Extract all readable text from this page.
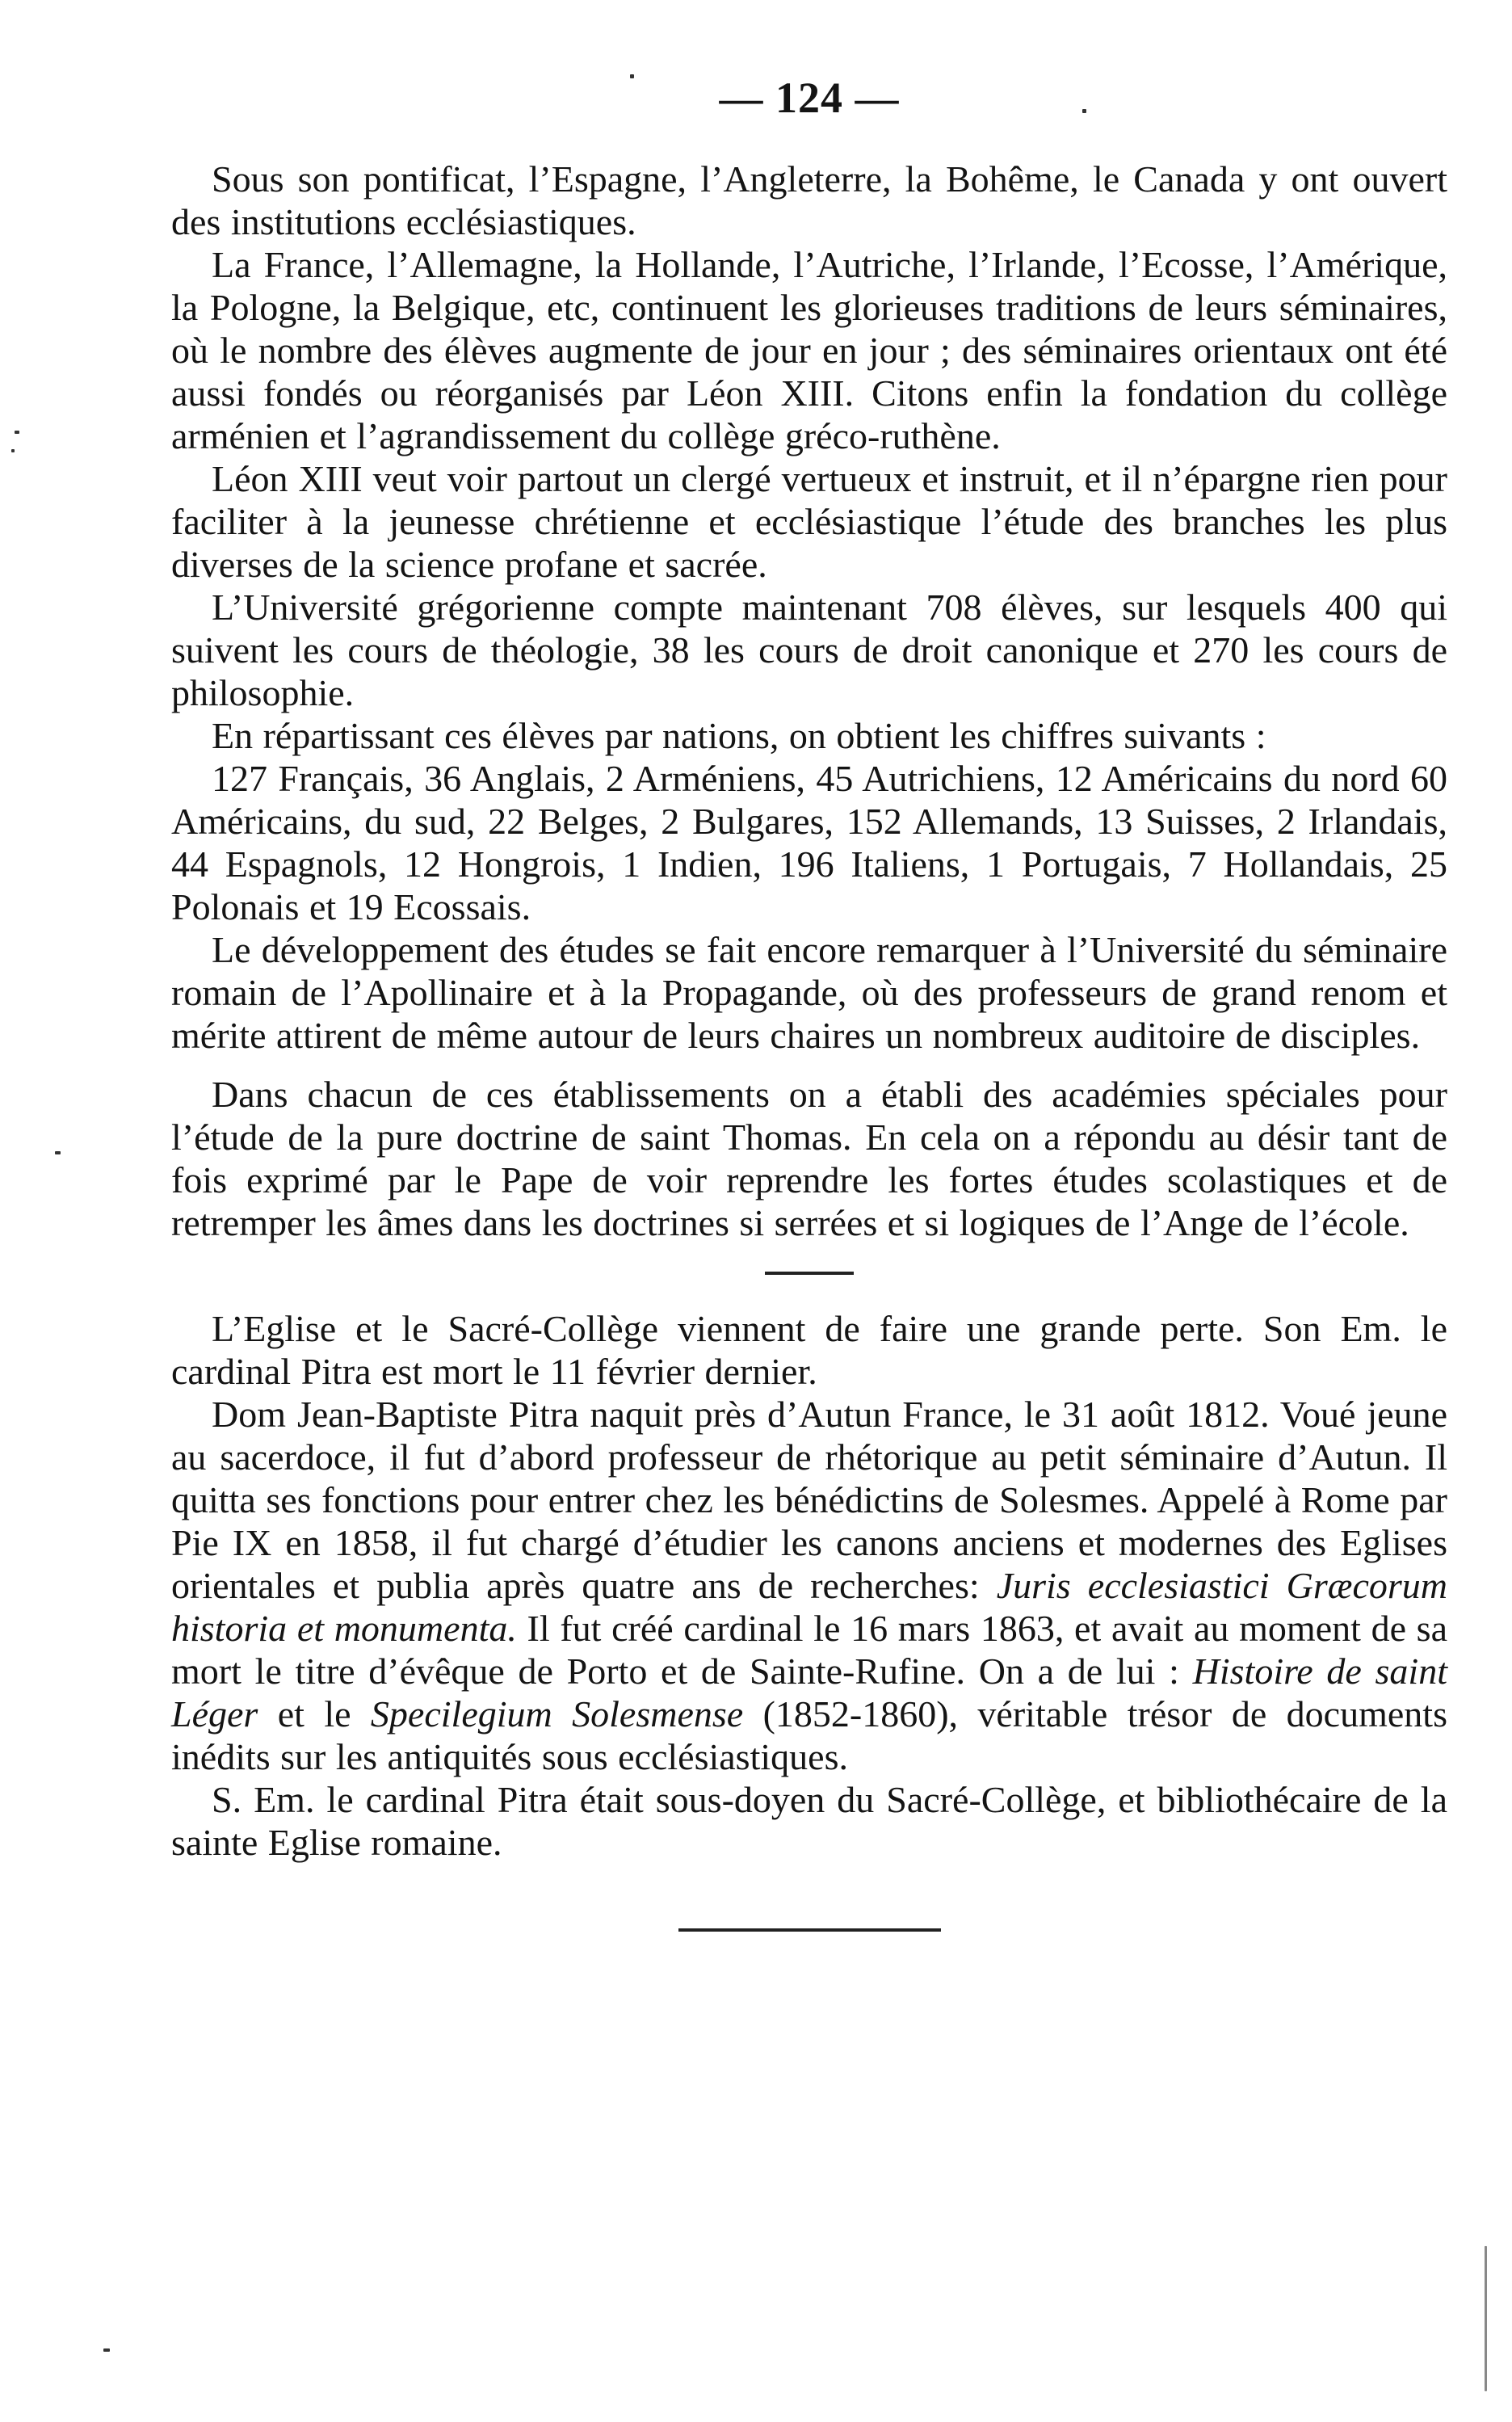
— 124 —

Sous son pontificat, l’Espagne, l’Angleterre, la Bohême, le Canada y ont ouvert des institutions ecclésiastiques.

La France, l’Allemagne, la Hollande, l’Autriche, l’Irlande, l’Ecosse, l’Amérique, la Pologne, la Belgique, etc, continuent les glorieuses traditions de leurs séminaires, où le nombre des élèves augmente de jour en jour ; des séminaires orientaux ont été aussi fondés ou réorganisés par Léon XIII. Citons enfin la fondation du collège arménien et l’agrandissement du collège gréco-ruthène.

Léon XIII veut voir partout un clergé vertueux et instruit, et il n’épargne rien pour faciliter à la jeunesse chrétienne et ecclésiastique l’étude des branches les plus diverses de la science profane et sacrée.

L’Université grégorienne compte maintenant 708 élèves, sur lesquels 400 qui suivent les cours de théologie, 38 les cours de droit canonique et 270 les cours de philosophie.

En répartissant ces élèves par nations, on obtient les chiffres suivants :

127 Français, 36 Anglais, 2 Arméniens, 45 Autrichiens, 12 Américains du nord 60 Américains, du sud, 22 Belges, 2 Bulgares, 152 Allemands, 13 Suisses, 2 Irlandais, 44 Espagnols, 12 Hongrois, 1 Indien, 196 Italiens, 1 Portugais, 7 Hollandais, 25 Polonais et 19 Ecossais.

Le développement des études se fait encore remarquer à l’Université du séminaire romain de l’Apollinaire et à la Propagande, où des professeurs de grand renom et mérite attirent de même autour de leurs chaires un nombreux auditoire de disciples.

Dans chacun de ces établissements on a établi des académies spéciales pour l’étude de la pure doctrine de saint Thomas. En cela on a répondu au désir tant de fois exprimé par le Pape de voir reprendre les fortes études scolastiques et de retremper les âmes dans les doctrines si serrées et si logiques de l’Ange de l’école.

L’Eglise et le Sacré-Collège viennent de faire une grande perte. Son Em. le cardinal Pitra est mort le 11 février dernier.

Dom Jean-Baptiste Pitra naquit près d’Autun France, le 31 août 1812. Voué jeune au sacerdoce, il fut d’abord professeur de rhétorique au petit séminaire d’Autun. Il quitta ses fonctions pour entrer chez les bénédictins de Solesmes. Appelé à Rome par Pie IX en 1858, il fut chargé d’étudier les canons anciens et modernes des Eglises orientales et publia après quatre ans de recherches: Juris ecclesiastici Græcorum historia et monumenta. Il fut créé cardinal le 16 mars 1863, et avait au moment de sa mort le titre d’évêque de Porto et de Sainte-Rufine. On a de lui : Histoire de saint Léger et le Specilegium Solesmense (1852-1860), véritable trésor de documents inédits sur les antiquités sous ecclésiastiques.

S. Em. le cardinal Pitra était sous-doyen du Sacré-Collège, et bibliothécaire de la sainte Eglise romaine.
